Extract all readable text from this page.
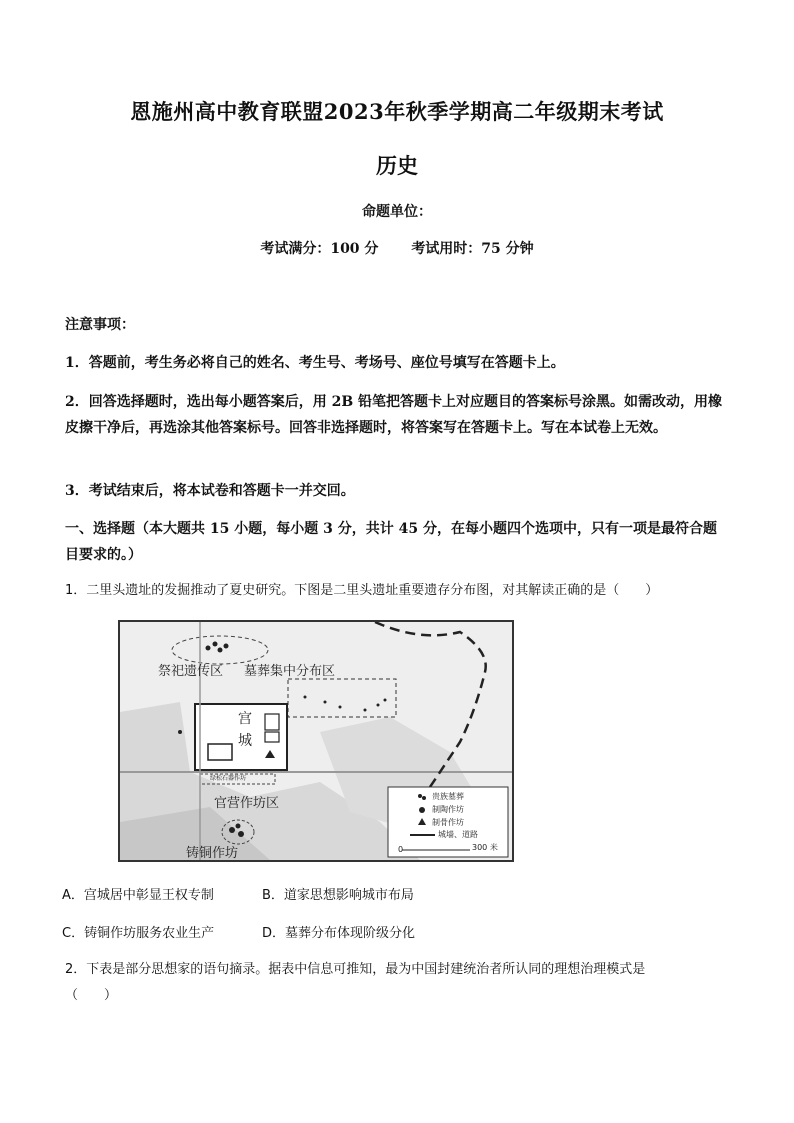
恩施州高中教育联盟2023年秋季学期高二年级期末考试
历史
命题单位：
考试满分：100 分 考试用时：75 分钟
注意事项：
1．答题前，考生务必将自己的姓名、考生号、考场号、座位号填写在答题卡上。
2．回答选择题时，选出每小题答案后，用 2B 铅笔把答题卡上对应题目的答案标号涂黑。如需改动，用橡皮擦干净后，再选涂其他答案标号。回答非选择题时，将答案写在答题卡上。写在本试卷上无效。
3．考试结束后，将本试卷和答题卡一并交回。
一、选择题（本大题共 15 小题，每小题 3 分，共计 45 分，在每小题四个选项中，只有一项是最符合题目要求的。）
1．二里头遗址的发掘推动了夏史研究。下图是二里头遗址重要遗存分布图，对其解读正确的是（　　）
祭祀遗传区 墓葬集中分布区
宫
城
绿松石器作坊
官营作坊区
铸铜作坊
贵族墓葬
制陶作坊
制骨作坊
城墙、道路
0	300 米
A．宫城居中彰显王权专制	B．道家思想影响城市布局
C．铸铜作坊服务农业生产	D．墓葬分布体现阶级分化
2．下表是部分思想家的语句摘录。据表中信息可推知，最为中国封建统治者所认同的理想治理模式是
（　　）
